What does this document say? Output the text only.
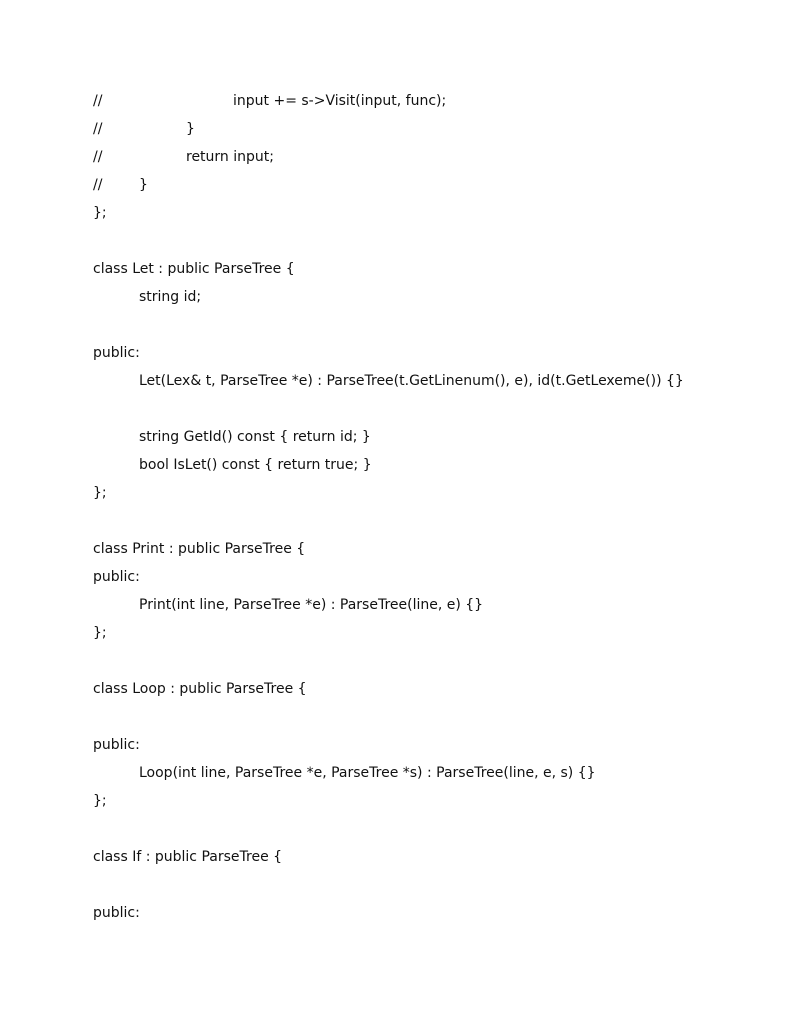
//

	input += s->Visit(input, func);

//

	}

//

	return input;

//

	}

};

class Let : public ParseTree {

string id;

public:

Let(Lex& t, ParseTree *e) : ParseTree(t.GetLinenum(), e), id(t.GetLexeme()) {}

string GetId() const { return id; }

bool IsLet() const { return true; }

};

class Print : public ParseTree {

public:

Print(int line, ParseTree *e) : ParseTree(line, e) {}

};

class Loop : public ParseTree {

public:

Loop(int line, ParseTree *e, ParseTree *s) : ParseTree(line, e, s) {}

};

class If : public ParseTree {

public:
